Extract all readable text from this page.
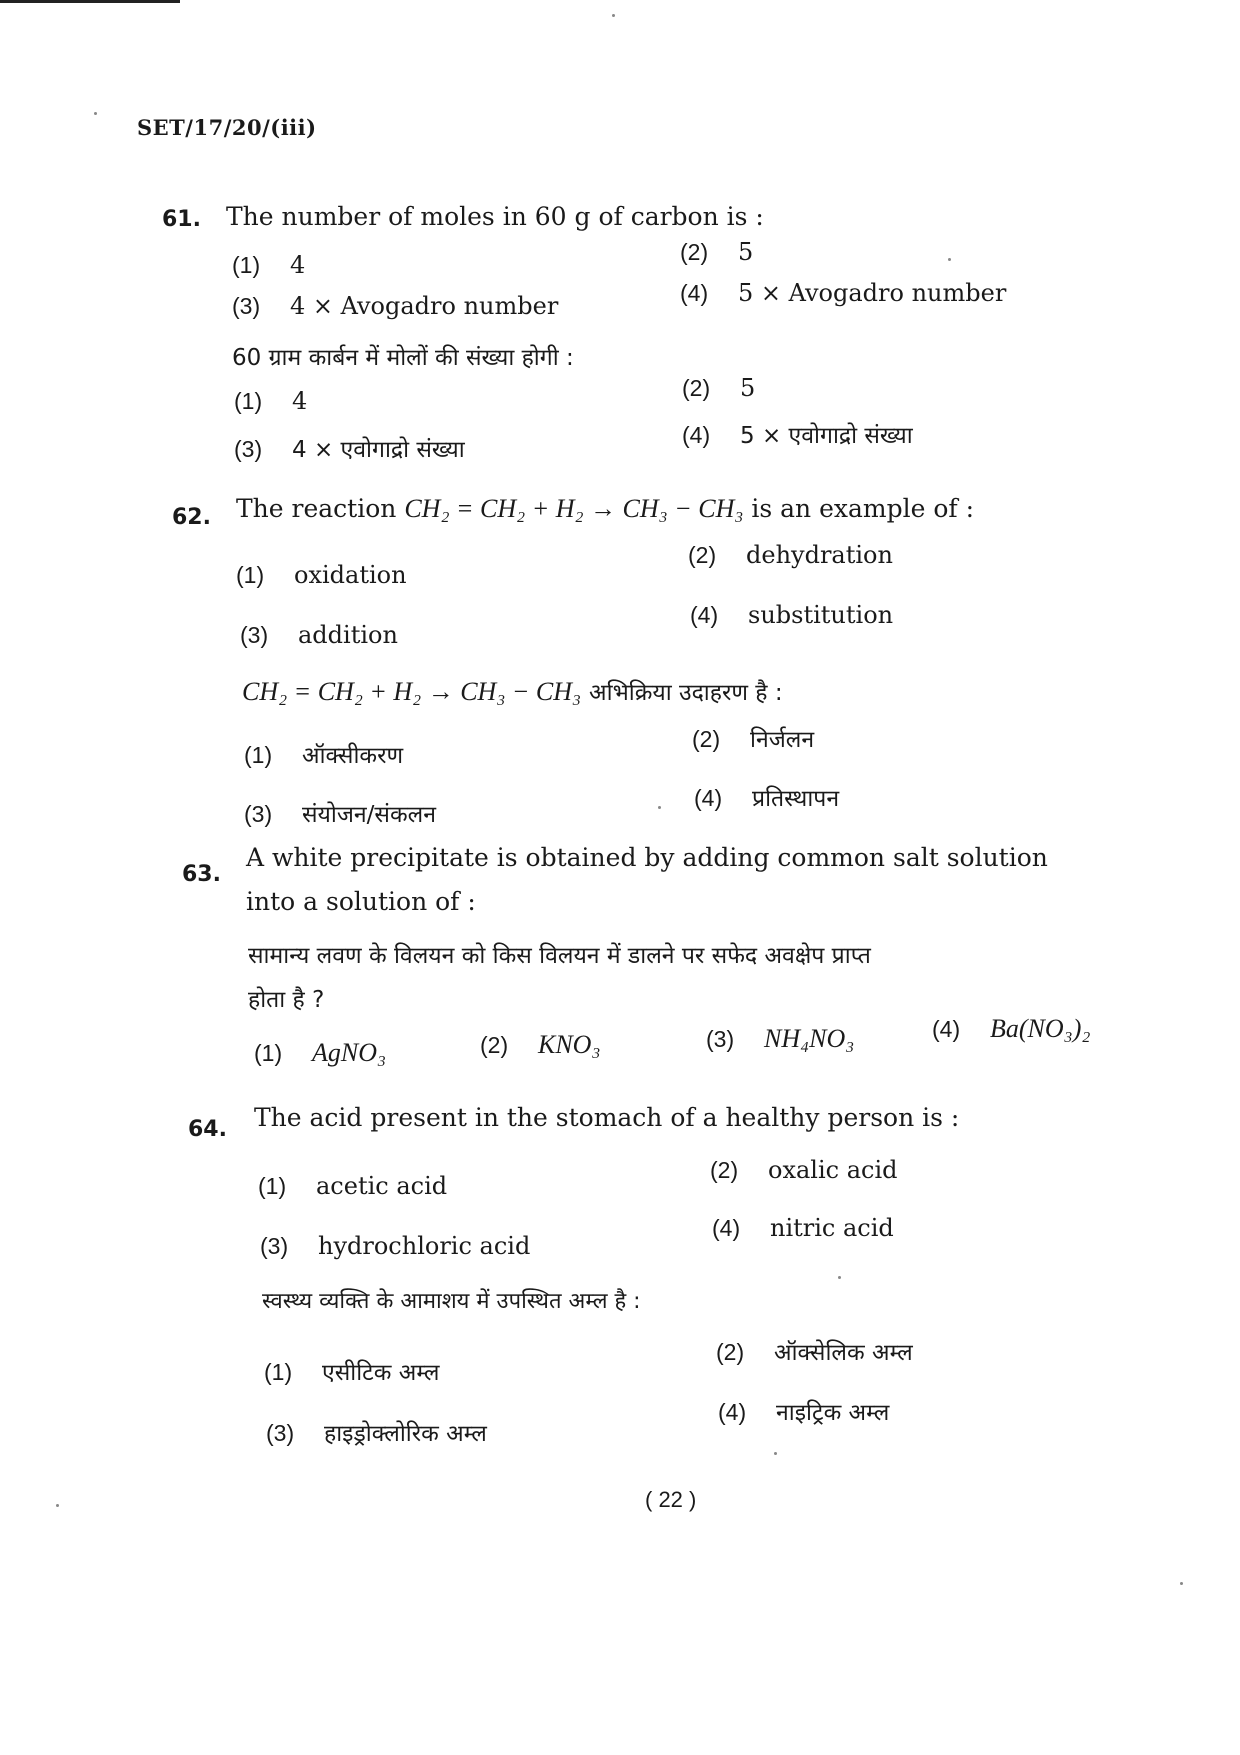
SET/17/20/(iii)
61. The number of moles in 60 g of carbon is :
(1) 4	(2) 5
(3) 4 × Avogadro number	(4) 5 × Avogadro number
60 ग्राम कार्बन में मोलों की संख्या होगी :
(1) 4	(2) 5
(3) 4 × एवोगाद्रो संख्या
(4) 5 × एवोगाद्रो संख्या
62. The reaction CH₂ = CH₂ + H₂ → CH₃ − CH₃ is an example of :
(1) oxidation
(2) dehydration
(3) addition
(4) substitution
CH₂ = CH₂ + H₂ → CH₃ − CH₃ अभिक्रिया उदाहरण है :
(1) ऑक्सीकरण
(2) निर्जलन
(3) संयोजन/संकलन
(4) प्रतिस्थापन
63.
A white precipitate is obtained by adding common salt solution
into a solution of :
सामान्य लवण के विलयन को किस विलयन में डालने पर सफेद अवक्षेप प्राप्त
होता है ?
(1) AgNO₃	(2) KNO₃	(3) NH₄NO₃	(4) Ba(NO₃)₂
64. The acid present in the stomach of a healthy person is :
(1) acetic acid
(2) oxalic acid
(3) hydrochloric acid
(4) nitric acid
स्वस्थ्य व्यक्ति के आमाशय में उपस्थित अम्ल है :
(1) एसीटिक अम्ल
(2) ऑक्सेलिक अम्ल
(3) हाइड्रोक्लोरिक अम्ल
(4) नाइट्रिक अम्ल
( 22 )
